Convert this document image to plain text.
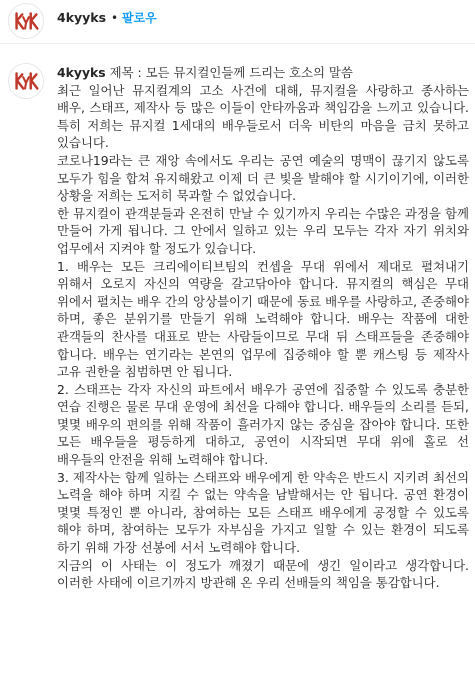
4kyyks • 팔로우

4kyyks 제목 : 모든 뮤지컬인들께 드리는 호소의 말씀

최근 일어난 뮤지컬계의 고소 사건에 대해, 뮤지컬을 사랑하고 종사하는 배우, 스태프, 제작사 등 많은 이들이 안타까움과 책임감을 느끼고 있습니다. 특히 저희는 뮤지컬 1세대의 배우들로서 더욱 비탄의 마음을 금치 못하고 있습니다.

코로나19라는 큰 재앙 속에서도 우리는 공연 예술의 명맥이 끊기지 않도록 모두가 힘을 합쳐 유지해왔고 이제 더 큰 빛을 발해야 할 시기이기에, 이러한 상황을 저희는 도저히 묵과할 수 없었습니다.

한 뮤지컬이 관객분들과 온전히 만날 수 있기까지 우리는 수많은 과정을 함께 만들어 가게 됩니다. 그 안에서 일하고 있는 우리 모두는 각자 자기 위치와 업무에서 지켜야 할 정도가 있습니다.

1. 배우는 모든 크리에이티브팀의 컨셉을 무대 위에서 제대로 펼쳐내기 위해서 오로지 자신의 역량을 갈고닦아야 합니다. 뮤지컬의 핵심은 무대 위에서 펼치는 배우 간의 앙상블이기 때문에 동료 배우를 사랑하고, 존중해야 하며, 좋은 분위기를 만들기 위해 노력해야 합니다. 배우는 작품에 대한 관객들의 찬사를 대표로 받는 사람들이므로 무대 뒤 스태프들을 존중해야 합니다. 배우는 연기라는 본연의 업무에 집중해야 할 뿐 캐스팅 등 제작사 고유 권한을 침범하면 안 됩니다.

2. 스태프는 각자 자신의 파트에서 배우가 공연에 집중할 수 있도록 충분한 연습 진행은 물론 무대 운영에 최선을 다해야 합니다. 배우들의 소리를 듣되, 몇몇 배우의 편의를 위해 작품이 흘러가지 않는 중심을 잡아야 합니다. 또한 모든 배우들을 평등하게 대하고, 공연이 시작되면 무대 위에 홀로 선 배우들의 안전을 위해 노력해야 합니다.

3. 제작사는 함께 일하는 스태프와 배우에게 한 약속은 반드시 지키려 최선의 노력을 해야 하며 지킬 수 없는 약속을 남발해서는 안 됩니다. 공연 환경이 몇몇 특정인 뿐 아니라, 참여하는 모든 스태프 배우에게 공정할 수 있도록 해야 하며, 참여하는 모두가 자부심을 가지고 일할 수 있는 환경이 되도록 하기 위해 가장 선봉에 서서 노력해야 합니다.

지금의 이 사태는 이 정도가 깨졌기 때문에 생긴 일이라고 생각합니다. 이러한 사태에 이르기까지 방관해 온 우리 선배들의 책임을 통감합니다.
